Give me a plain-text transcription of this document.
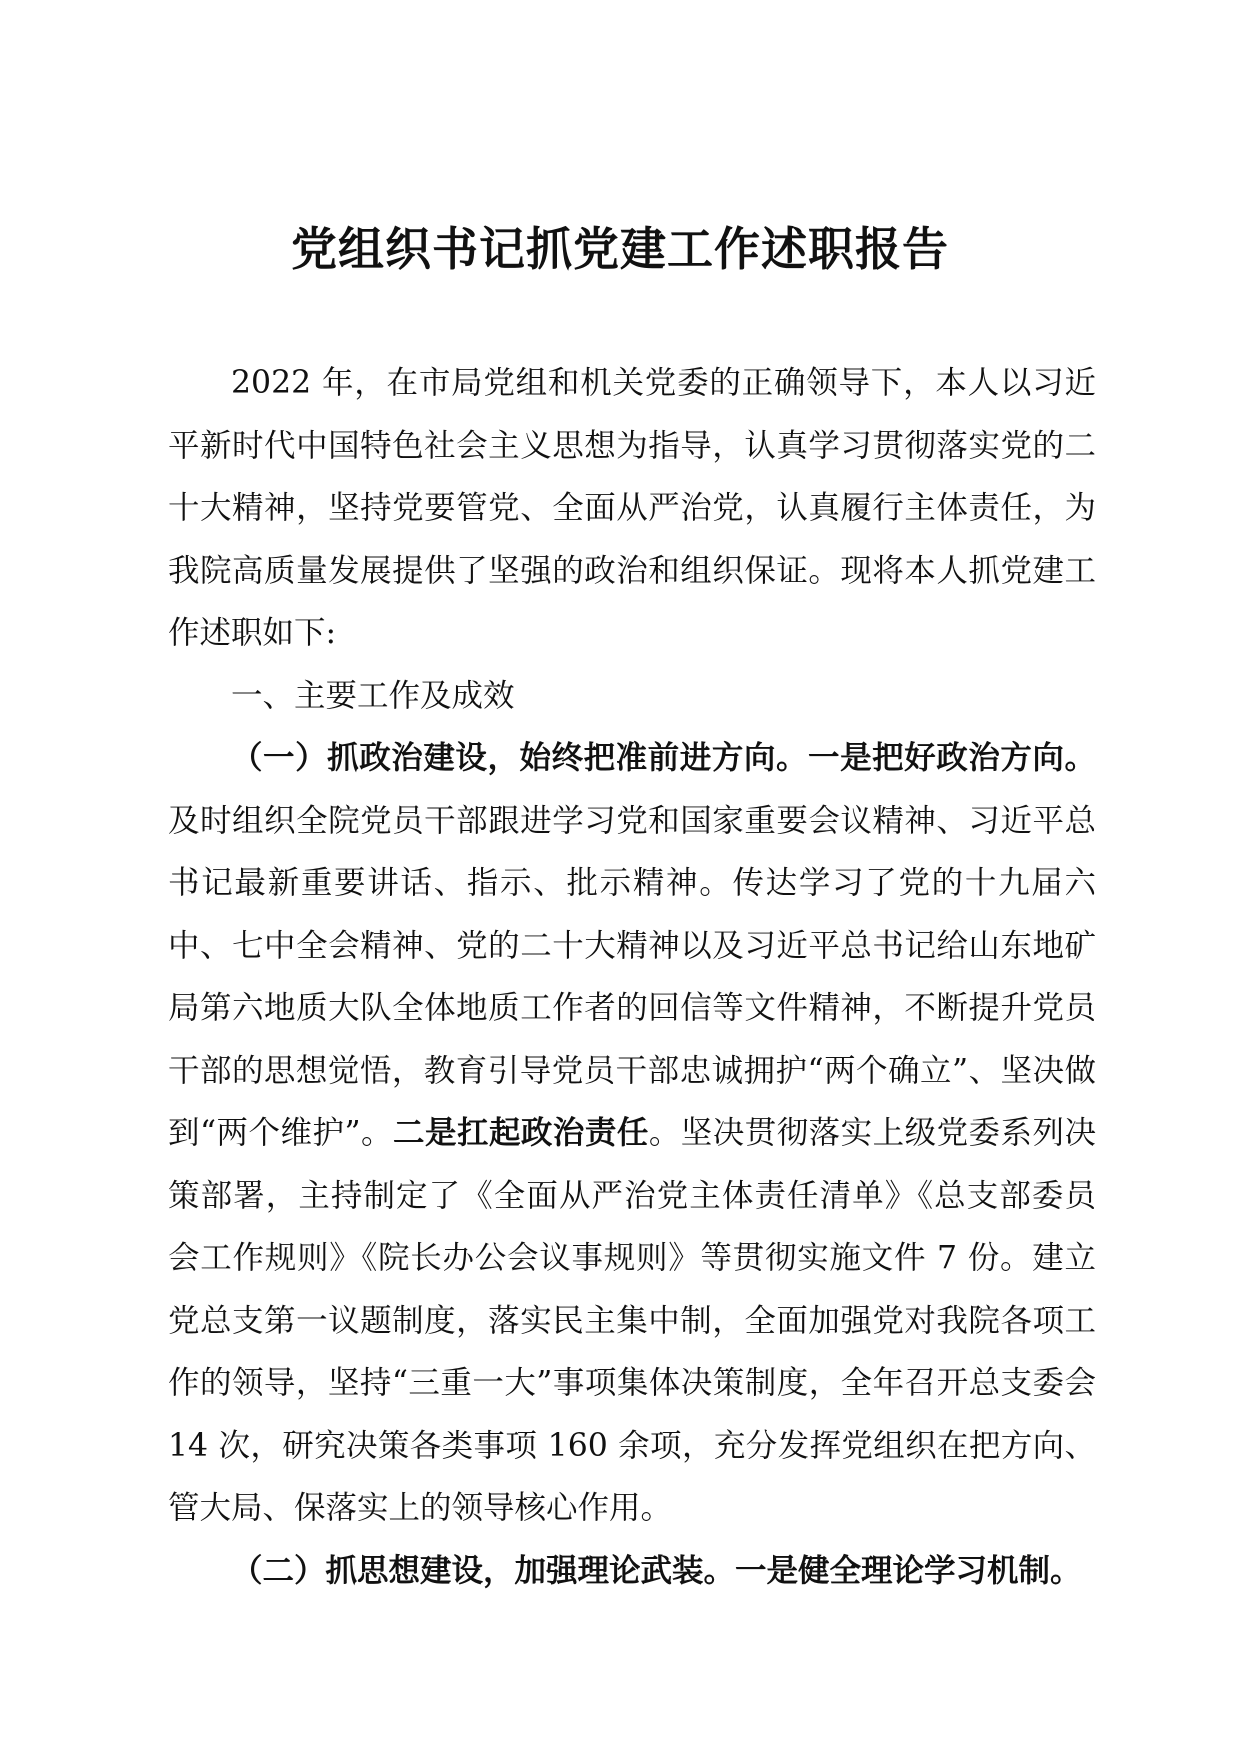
党组织书记抓党建工作述职报告

2022 年，在市局党组和机关党委的正确领导下，本人以习近平新时代中国特色社会主义思想为指导，认真学习贯彻落实党的二十大精神，坚持党要管党、全面从严治党，认真履行主体责任，为我院高质量发展提供了坚强的政治和组织保证。现将本人抓党建工作述职如下:

一、主要工作及成效

（一）抓政治建设，始终把准前进方向。一是把好政治方向。及时组织全院党员干部跟进学习党和国家重要会议精神、习近平总书记最新重要讲话、指示、批示精神。传达学习了党的十九届六中、七中全会精神、党的二十大精神以及习近平总书记给山东地矿局第六地质大队全体地质工作者的回信等文件精神，不断提升党员干部的思想觉悟，教育引导党员干部忠诚拥护“两个确立”、坚决做到“两个维护”。二是扛起政治责任。坚决贯彻落实上级党委系列决策部署，主持制定了《全面从严治党主体责任清单》《总支部委员会工作规则》《院长办公会议事规则》等贯彻实施文件 7 份。建立党总支第一议题制度，落实民主集中制，全面加强党对我院各项工作的领导，坚持“三重一大”事项集体决策制度，全年召开总支委会 14 次，研究决策各类事项 160 余项，充分发挥党组织在把方向、管大局、保落实上的领导核心作用。

（二）抓思想建设，加强理论武装。一是健全理论学习机制。
